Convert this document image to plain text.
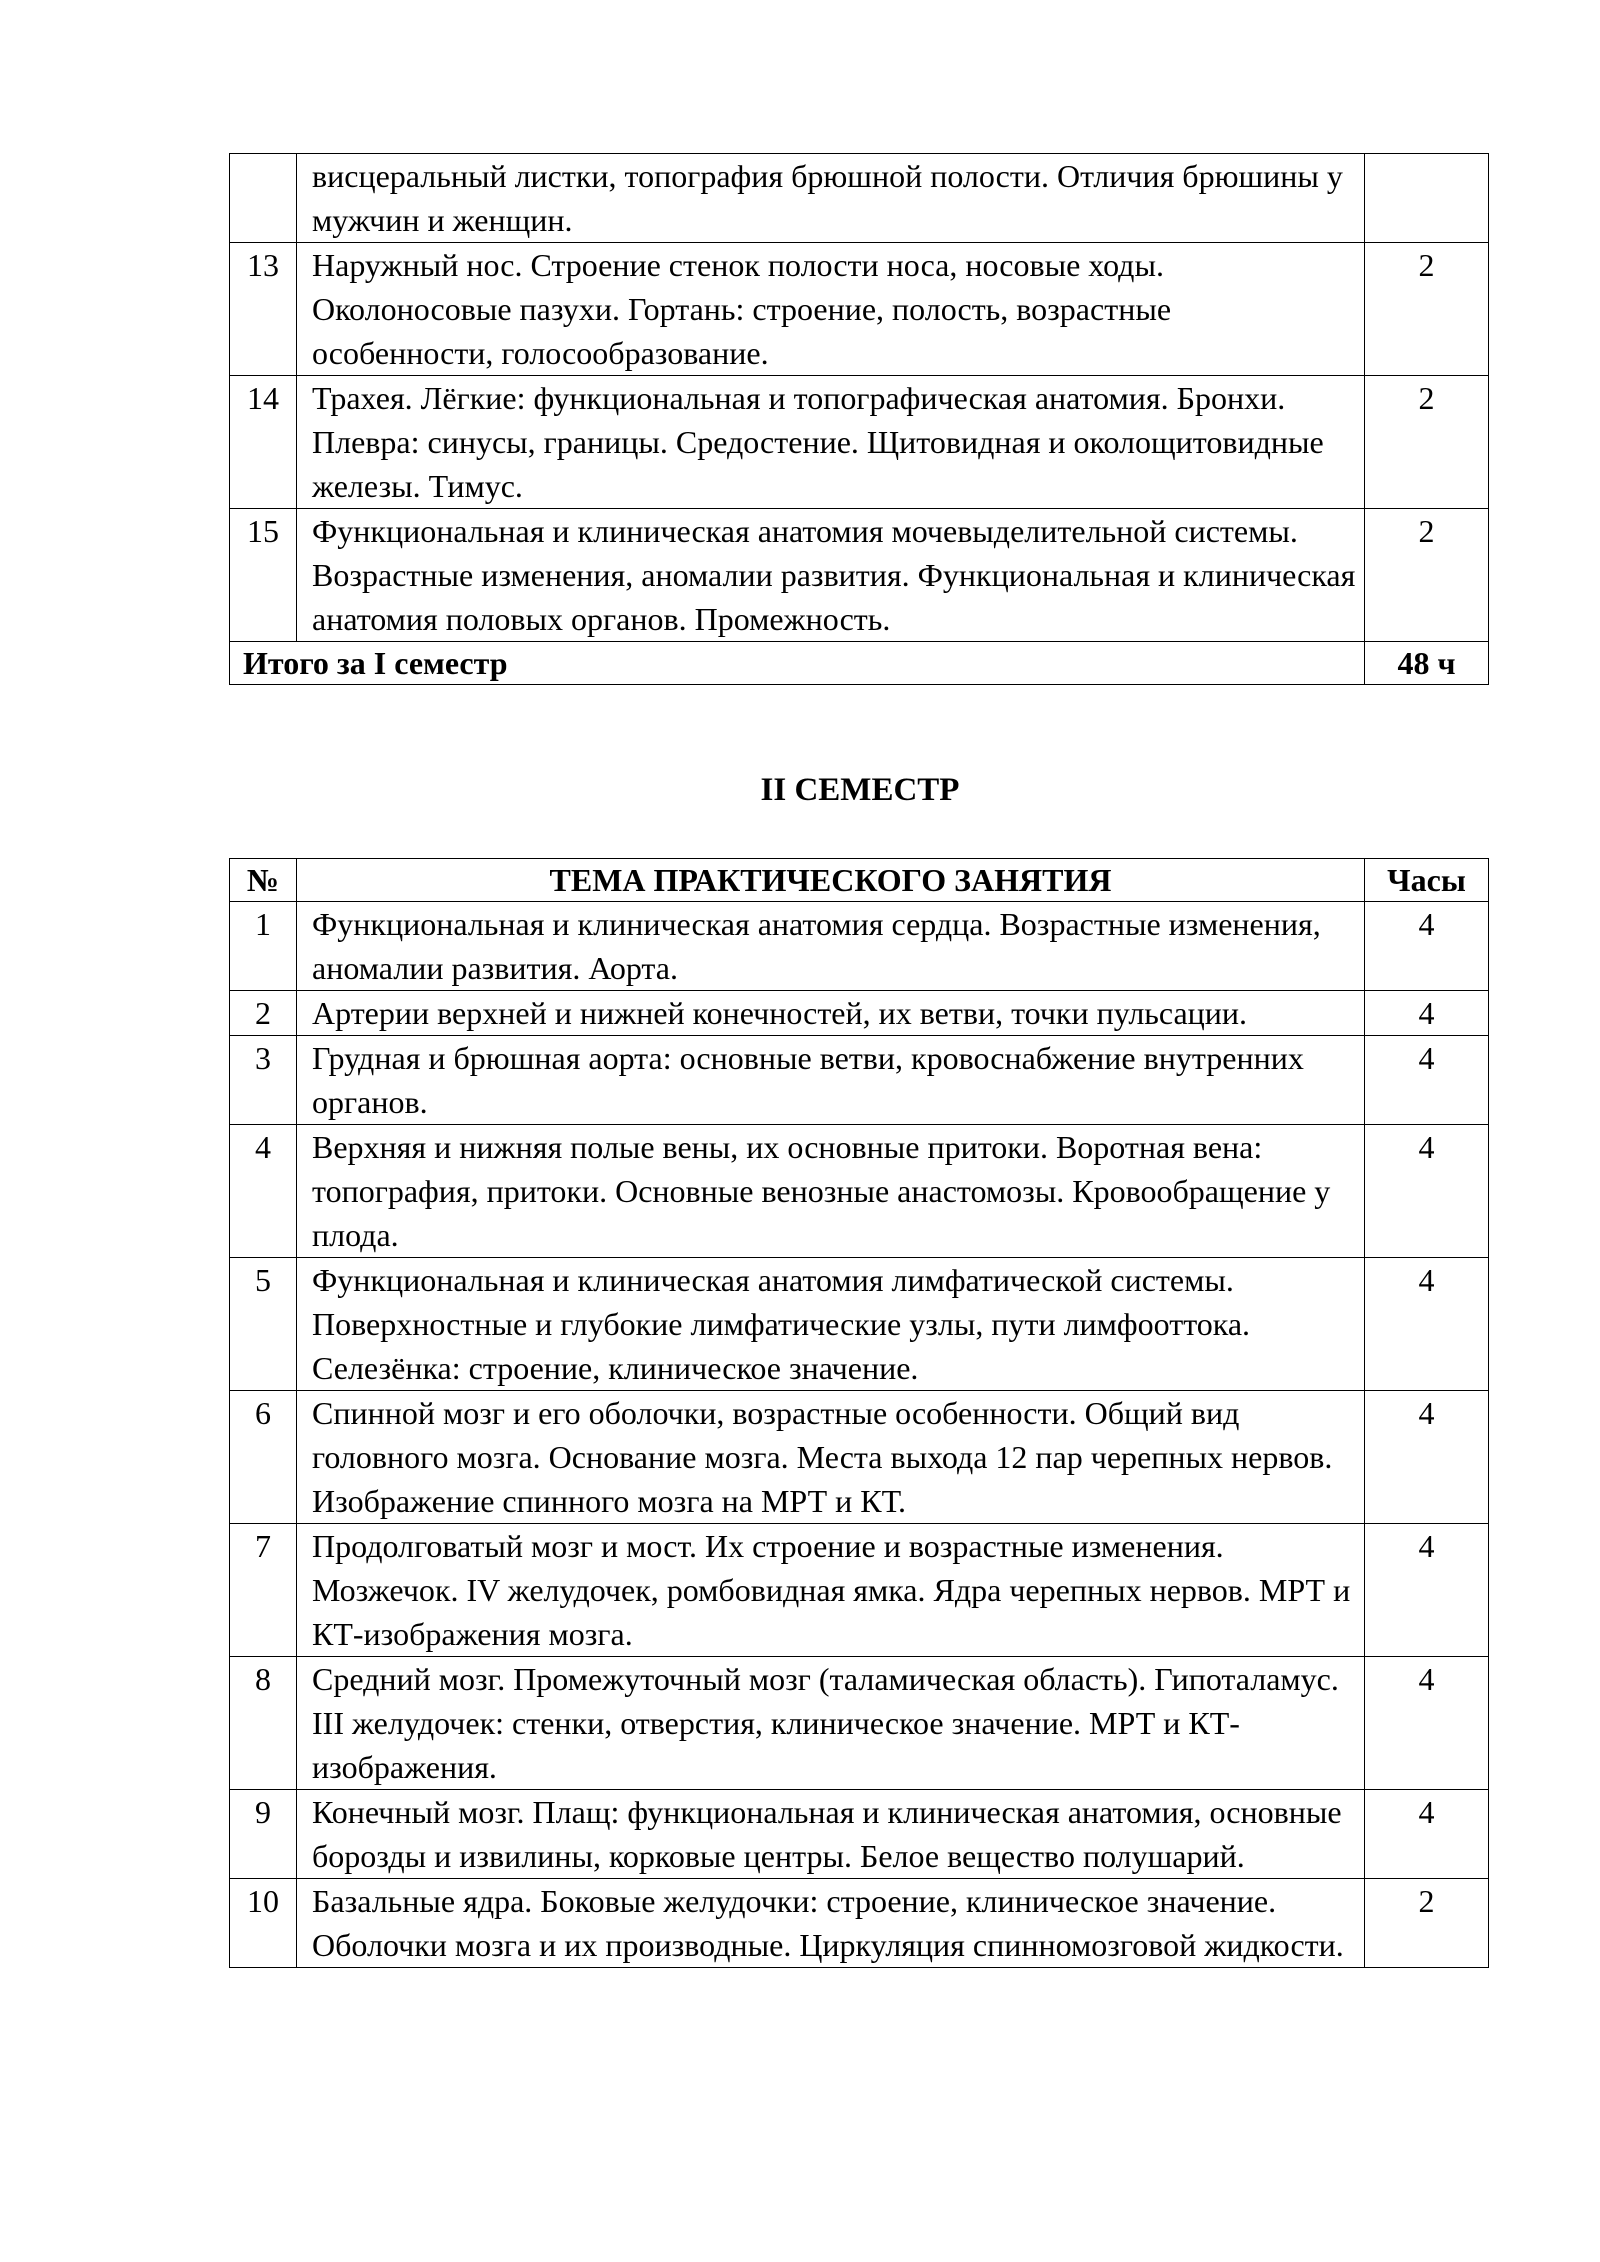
	висцеральный листки, топография брюшной полости. Отличия брюшины у мужчин и женщин.	
13	Наружный нос. Строение стенок полости носа, носовые ходы. Околоносовые пазухи. Гортань: строение, полость, возрастные особенности, голосообразование.	2
14	Трахея. Лёгкие: функциональная и топографическая анатомия. Бронхи. Плевра: синусы, границы. Средостение. Щитовидная и околощитовидные железы. Тимус.	2
15	Функциональная и клиническая анатомия мочевыделительной системы. Возрастные изменения, аномалии развития. Функциональная и клиническая анатомия половых органов. Промежность.	2
Итого за I семестр		48 ч
II СЕМЕСТР
№	ТЕМА ПРАКТИЧЕСКОГО ЗАНЯТИЯ	Часы
1	Функциональная и клиническая анатомия сердца. Возрастные изменения, аномалии развития. Аорта.	4
2	Артерии верхней и нижней конечностей, их ветви, точки пульсации.	4
3	Грудная и брюшная аорта: основные ветви, кровоснабжение внутренних органов.	4
4	Верхняя и нижняя полые вены, их основные притоки. Воротная вена: топография, притоки. Основные венозные анастомозы. Кровообращение у плода.	4
5	Функциональная и клиническая анатомия лимфатической системы. Поверхностные и глубокие лимфатические узлы, пути лимфооттока. Селезёнка: строение, клиническое значение.	4
6	Спинной мозг и его оболочки, возрастные особенности. Общий вид головного мозга. Основание мозга. Места выхода 12 пар черепных нервов. Изображение спинного мозга на МРТ и КТ.	4
7	Продолговатый мозг и мост. Их строение и возрастные изменения. Мозжечок. IV желудочек, ромбовидная ямка. Ядра черепных нервов. МРТ и КТ-изображения мозга.	4
8	Средний мозг. Промежуточный мозг (таламическая область). Гипоталамус. III желудочек: стенки, отверстия, клиническое значение. МРТ и КТ-изображения.	4
9	Конечный мозг. Плащ: функциональная и клиническая анатомия, основные борозды и извилины, корковые центры. Белое вещество полушарий.	4
10	Базальные ядра. Боковые желудочки: строение, клиническое значение. Оболочки мозга и их производные. Циркуляция спинномозговой жидкости.	2
